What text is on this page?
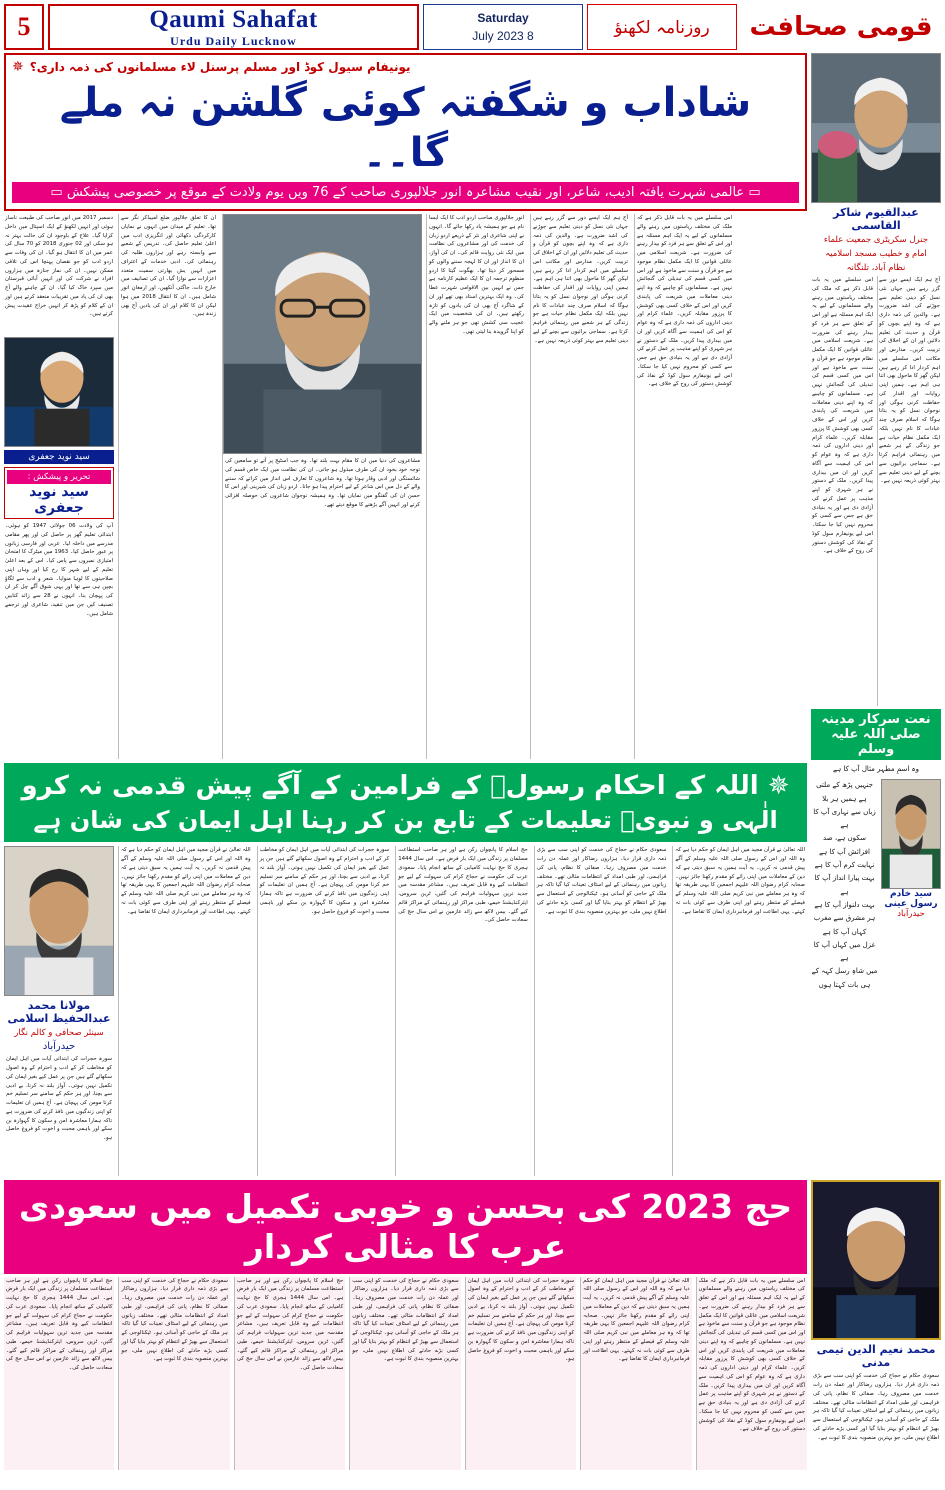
5	Qaumi Sahafat
Urdu Daily Lucknow
Saturday
8 July 2023	روزنامہ لکھنؤ	قومی صحافت
✵ یونیفام سیول کوڈ اور مسلم پرسنل لاء مسلمانوں کی ذمہ داری؟
شاداب و شگفتہ کوئی گلشن نہ ملے گا۔۔
▭ عالمی شہرت یافتہ ادیب، شاعر، اور نقیب مشاعرہ انور جلالپوری صاحب کے 76 ویں یوم ولادت کے موقع پر خصوصی پیشکش ▭
دسمبر 2017 میں انور صاحب کی طبیعت ناساز ہوئی اور انہیں لکھنؤ کے ایک اسپتال میں داخل کرایا گیا۔ علاج کے باوجود ان کی حالت بہتر نہ ہو سکی اور 02 جنوری 2018 کو 70 سال کی عمر میں ان کا انتقال ہو گیا۔ ان کی وفات سے اردو ادب کو جو نقصان پہنچا اس کی تلافی ممکن نہیں۔ ان کی نماز جنازہ میں ہزاروں افراد نے شرکت کی اور انہیں آبائی قبرستان میں سپرد خاک کیا گیا۔ ان کے چاہنے والے آج بھی ان کی یاد میں تقریبات منعقد کرتے ہیں اور ان کے کلام کو پڑھ کر انہیں خراج عقیدت پیش کرتے ہیں۔
سید نوید جعفری
تحریر و پیشکش :
سید نوید جعفری
آپ کی ولادت 06 جولائی 1947 کو ہوئی۔ ابتدائی تعلیم گھر پر حاصل کی اور پھر مقامی مدرسے میں داخلہ لیا۔ عربی اور فارسی زبانوں پر عبور حاصل کیا۔ 1963 میں میٹرک کا امتحان امتیازی نمبروں سے پاس کیا۔ اس کے بعد اعلیٰ تعلیم کے لیے شہر کا رخ کیا اور وہاں اپنی صلاحیتوں کا لوہا منوایا۔ شعر و ادب سے لگاؤ بچپن ہی سے تھا اور یہی شوق آگے چل کر ان کی پہچان بنا۔ انہوں نے 28 سے زائد کتابیں تصنیف کیں جن میں تنقید، شاعری اور ترجمے شامل ہیں۔
ان کا تعلق جلالپور ضلع امبیڈکر نگر سے تھا۔ تعلیم کے میدان میں انہوں نے نمایاں کارکردگی دکھائی اور انگریزی ادب میں اعلیٰ تعلیم حاصل کی۔ تدریس کے شعبے سے وابستہ رہے اور ہزاروں طلبہ کی رہنمائی کی۔ ادبی خدمات کے اعتراف میں انہیں یش بھارتی سمیت متعدد اعزازات سے نوازا گیا۔ ان کی تصانیف میں خارجِ ذات، جاگتی آنکھیں، اور ارمغانِ انور شامل ہیں۔ ان کا انتقال 2018 میں ہوا لیکن ان کا کلام اور ان کی یادیں آج بھی زندہ ہیں۔
مشاعروں کی دنیا میں ان کا مقام بہت بلند تھا۔ وہ جب اسٹیج پر آتے تو سامعین کی توجہ خود بخود ان کی طرف مبذول ہو جاتی۔ ان کی نظامت میں ایک خاص قسم کی شائستگی اور ادبی وقار ہوتا تھا۔ وہ شاعروں کا تعارف اس انداز میں کراتے کہ سننے والے کے دل میں اس شاعر کے لیے احترام پیدا ہو جاتا۔ اردو زبان کی شیرینی اور اس کا حسن ان کی گفتگو میں نمایاں تھا۔ وہ ہمیشہ نوجوان شاعروں کی حوصلہ افزائی کرتے اور انہیں آگے بڑھنے کا موقع دیتے تھے۔
انور جلالپوری صاحب اردو ادب کا ایک ایسا نام ہے جو ہمیشہ یاد رکھا جائے گا۔ انہوں نے اپنی شاعری اور نثر کے ذریعے اردو زبان کی خدمت کی اور مشاعروں کی نظامت میں ایک نئی روایت قائم کی۔ ان کی آواز، ان کا انداز اور ان کا لہجہ سننے والوں کو مسحور کر دیتا تھا۔ بھگوت گیتا کا اردو منظوم ترجمہ ان کا ایک عظیم کارنامہ ہے جس نے انہیں بین الاقوامی شہرت عطا کی۔ وہ ایک بہترین استاد بھی تھے اور ان کے شاگرد آج بھی ان کی یادوں کو تازہ رکھتے ہیں۔ ان کی شخصیت میں ایک عجیب سی کشش تھی جو ہر ملنے والے کو اپنا گرویدہ بنا لیتی تھی۔
آج ہم ایک ایسے دور سے گزر رہے ہیں جہاں نئی نسل کو دینی تعلیم سے جوڑنے کی اشد ضرورت ہے۔ والدین کی ذمہ داری ہے کہ وہ اپنے بچوں کو قرآن و حدیث کی تعلیم دلائیں اور ان کے اخلاق کی تربیت کریں۔ مدارس اور مکاتب اس سلسلے میں اہم کردار ادا کر رہے ہیں لیکن گھر کا ماحول بھی اتنا ہی اہم ہے۔ ہمیں اپنی روایات اور اقدار کی حفاظت کرنی ہوگی اور نوجوان نسل کو یہ بتانا ہوگا کہ اسلام صرف چند عبادات کا نام نہیں بلکہ ایک مکمل نظام حیات ہے جو زندگی کے ہر شعبے میں رہنمائی فراہم کرتا ہے۔ سماجی برائیوں سے بچنے کے لیے دینی تعلیم سے بہتر کوئی ذریعہ نہیں ہے۔
اس سلسلے میں یہ بات قابل ذکر ہے کہ ملک کی مختلف ریاستوں میں رہنے والے مسلمانوں کے لیے یہ ایک اہم مسئلہ ہے اور اس کے تعلق سے ہر فرد کو بیدار رہنے کی ضرورت ہے۔ شریعت اسلامی میں عائلی قوانین کا ایک مکمل نظام موجود ہے جو قرآن و سنت سے ماخوذ ہے اور اس میں کسی قسم کی تبدیلی کی گنجائش نہیں ہے۔ مسلمانوں کو چاہیے کہ وہ اپنے دینی معاملات میں شریعت کی پابندی کریں اور اس کے خلاف کسی بھی کوشش کا پرزور مقابلہ کریں۔ علماء کرام اور دینی اداروں کی ذمہ داری ہے کہ وہ عوام کو اس کی اہمیت سے آگاہ کریں اور ان میں بیداری پیدا کریں۔ ملک کے دستور نے ہر شہری کو اپنے مذہب پر عمل کرنے کی آزادی دی ہے اور یہ بنیادی حق ہے جس سے کسی کو محروم نہیں کیا جا سکتا۔ اس لیے یونیفارم سول کوڈ کے نفاذ کی کوشش دستور کی روح کے خلاف ہے۔
✵ اللہ کے احکام رسولؐ کے فرامین کے آگے پیش قدمی نہ کرو
الٰہی و نبویؐ تعلیمات کے تابع بن کر رہنا اہل ایمان کی شان ہے
مولانا محمد عبدالحفیظ اسلامی
سینئر صحافی و کالم نگار
حیدرآباد
سورہ حجرات کی ابتدائی آیات میں اہل ایمان کو مخاطب کر کے ادب و احترام کے وہ اصول سکھائے گئے ہیں جن پر عمل کیے بغیر ایمان کی تکمیل نہیں ہوتی۔ آواز بلند نہ کرنا، بے ادبی سے بچنا، اور ہر حکم کے سامنے سر تسلیم خم کرنا مومن کی پہچان ہے۔ آج ہمیں ان تعلیمات کو اپنی زندگیوں میں نافذ کرنے کی ضرورت ہے تاکہ ہمارا معاشرہ امن و سکون کا گہوارہ بن سکے اور باہمی محبت و اخوت کو فروغ حاصل ہو۔
اللہ تعالیٰ نے قرآن مجید میں اہل ایمان کو حکم دیا ہے کہ وہ اللہ اور اس کے رسول صلی اللہ علیہ وسلم کے آگے پیش قدمی نہ کریں۔ یہ آیت ہمیں یہ سبق دیتی ہے کہ دین کے معاملات میں اپنی رائے کو مقدم رکھنا جائز نہیں۔ صحابہ کرام رضوان اللہ علیہم اجمعین کا یہی طریقہ تھا کہ وہ ہر معاملے میں نبی کریم صلی اللہ علیہ وسلم کے فیصلے کے منتظر رہتے اور اپنی طرف سے کوئی بات نہ کہتے۔ یہی اطاعت اور فرمانبرداری ایمان کا تقاضا ہے۔
سورہ حجرات کی ابتدائی آیات میں اہل ایمان کو مخاطب کر کے ادب و احترام کے وہ اصول سکھائے گئے ہیں جن پر عمل کیے بغیر ایمان کی تکمیل نہیں ہوتی۔ آواز بلند نہ کرنا، بے ادبی سے بچنا، اور ہر حکم کے سامنے سر تسلیم خم کرنا مومن کی پہچان ہے۔ آج ہمیں ان تعلیمات کو اپنی زندگیوں میں نافذ کرنے کی ضرورت ہے تاکہ ہمارا معاشرہ امن و سکون کا گہوارہ بن سکے اور باہمی محبت و اخوت کو فروغ حاصل ہو۔
حج اسلام کا پانچواں رکن ہے اور ہر صاحب استطاعت مسلمان پر زندگی میں ایک بار فرض ہے۔ اس سال 1444 ہجری کا حج نہایت کامیابی کے ساتھ انجام پایا۔ سعودی عرب کی حکومت نے حجاج کرام کی سہولت کے لیے جو انتظامات کیے وہ قابل تعریف ہیں۔ مشاعر مقدسہ میں جدید ترین سہولیات فراہم کی گئیں، ٹرین سروس، ایئرکنڈیشنڈ خیمے، طبی مراکز اور رہنمائی کے مراکز قائم کیے گئے۔ بیس لاکھ سے زائد عازمین نے اس سال حج کی سعادت حاصل کی۔
سعودی حکام نے حجاج کی خدمت کو اپنی سب سے بڑی ذمہ داری قرار دیا۔ ہزاروں رضاکار اور عملہ دن رات خدمت میں مصروف رہا۔ صفائی کا نظام، پانی کی فراہمی، اور طبی امداد کے انتظامات مثالی تھے۔ مختلف زبانوں میں رہنمائی کے لیے اسٹاف تعینات کیا گیا تاکہ ہر ملک کے حاجی کو آسانی ہو۔ ٹیکنالوجی کے استعمال سے بھیڑ کے انتظام کو بہتر بنایا گیا اور کسی بڑے حادثے کی اطلاع نہیں ملی، جو بہترین منصوبہ بندی کا ثبوت ہے۔
اللہ تعالیٰ نے قرآن مجید میں اہل ایمان کو حکم دیا ہے کہ وہ اللہ اور اس کے رسول صلی اللہ علیہ وسلم کے آگے پیش قدمی نہ کریں۔ یہ آیت ہمیں یہ سبق دیتی ہے کہ دین کے معاملات میں اپنی رائے کو مقدم رکھنا جائز نہیں۔ صحابہ کرام رضوان اللہ علیہم اجمعین کا یہی طریقہ تھا کہ وہ ہر معاملے میں نبی کریم صلی اللہ علیہ وسلم کے فیصلے کے منتظر رہتے اور اپنی طرف سے کوئی بات نہ کہتے۔ یہی اطاعت اور فرمانبرداری ایمان کا تقاضا ہے۔
عبدالقیوم شاکر القاسمی
جنرل سکریٹری جمعیت علماء
امام و خطیب مسجد اسلامیہ
نظام آباد، تلنگانہ
اس سلسلے میں یہ بات قابل ذکر ہے کہ ملک کی مختلف ریاستوں میں رہنے والے مسلمانوں کے لیے یہ ایک اہم مسئلہ ہے اور اس کے تعلق سے ہر فرد کو بیدار رہنے کی ضرورت ہے۔ شریعت اسلامی میں عائلی قوانین کا ایک مکمل نظام موجود ہے جو قرآن و سنت سے ماخوذ ہے اور اس میں کسی قسم کی تبدیلی کی گنجائش نہیں ہے۔ مسلمانوں کو چاہیے کہ وہ اپنے دینی معاملات میں شریعت کی پابندی کریں اور اس کے خلاف کسی بھی کوشش کا پرزور مقابلہ کریں۔ علماء کرام اور دینی اداروں کی ذمہ داری ہے کہ وہ عوام کو اس کی اہمیت سے آگاہ کریں اور ان میں بیداری پیدا کریں۔ ملک کے دستور نے ہر شہری کو اپنے مذہب پر عمل کرنے کی آزادی دی ہے اور یہ بنیادی حق ہے جس سے کسی کو محروم نہیں کیا جا سکتا۔ اس لیے یونیفارم سول کوڈ کے نفاذ کی کوشش دستور کی روح کے خلاف ہے۔
آج ہم ایک ایسے دور سے گزر رہے ہیں جہاں نئی نسل کو دینی تعلیم سے جوڑنے کی اشد ضرورت ہے۔ والدین کی ذمہ داری ہے کہ وہ اپنے بچوں کو قرآن و حدیث کی تعلیم دلائیں اور ان کے اخلاق کی تربیت کریں۔ مدارس اور مکاتب اس سلسلے میں اہم کردار ادا کر رہے ہیں لیکن گھر کا ماحول بھی اتنا ہی اہم ہے۔ ہمیں اپنی روایات اور اقدار کی حفاظت کرنی ہوگی اور نوجوان نسل کو یہ بتانا ہوگا کہ اسلام صرف چند عبادات کا نام نہیں بلکہ ایک مکمل نظام حیات ہے جو زندگی کے ہر شعبے میں رہنمائی فراہم کرتا ہے۔ سماجی برائیوں سے بچنے کے لیے دینی تعلیم سے بہتر کوئی ذریعہ نہیں ہے۔
نعت سرکار مدینہ صلی اللہ علیہ وسلم
وہ اسمِ مطہر مثال آپ کا ہے
جنہیں پڑھ کے ملتی ہے ہمیں ہر بلا
زباں سے نہاری آپ کا ہے
سکوں ہے، صد افزائش آپ کا ہے
نہایت کرم آپ کا ہے
بہت پیارا انداز آپ کا ہے
بہت دلنواز آپ کا ہے
ہر مشرق سے مغرب کہاں آپ کا ہے
غزل میں کہاں آپ کا ہے
میں شاہِ رسل کہہ کے ہی بات کہتا ہوں
سید خادم رسول عینی
حیدرآباد
حج 2023 کی بحسن و خوبی تکمیل میں سعودی عرب کا مثالی کردار
حج اسلام کا پانچواں رکن ہے اور ہر صاحب استطاعت مسلمان پر زندگی میں ایک بار فرض ہے۔ اس سال 1444 ہجری کا حج نہایت کامیابی کے ساتھ انجام پایا۔ سعودی عرب کی حکومت نے حجاج کرام کی سہولت کے لیے جو انتظامات کیے وہ قابل تعریف ہیں۔ مشاعر مقدسہ میں جدید ترین سہولیات فراہم کی گئیں، ٹرین سروس، ایئرکنڈیشنڈ خیمے، طبی مراکز اور رہنمائی کے مراکز قائم کیے گئے۔ بیس لاکھ سے زائد عازمین نے اس سال حج کی سعادت حاصل کی۔
سعودی حکام نے حجاج کی خدمت کو اپنی سب سے بڑی ذمہ داری قرار دیا۔ ہزاروں رضاکار اور عملہ دن رات خدمت میں مصروف رہا۔ صفائی کا نظام، پانی کی فراہمی، اور طبی امداد کے انتظامات مثالی تھے۔ مختلف زبانوں میں رہنمائی کے لیے اسٹاف تعینات کیا گیا تاکہ ہر ملک کے حاجی کو آسانی ہو۔ ٹیکنالوجی کے استعمال سے بھیڑ کے انتظام کو بہتر بنایا گیا اور کسی بڑے حادثے کی اطلاع نہیں ملی، جو بہترین منصوبہ بندی کا ثبوت ہے۔
حج اسلام کا پانچواں رکن ہے اور ہر صاحب استطاعت مسلمان پر زندگی میں ایک بار فرض ہے۔ اس سال 1444 ہجری کا حج نہایت کامیابی کے ساتھ انجام پایا۔ سعودی عرب کی حکومت نے حجاج کرام کی سہولت کے لیے جو انتظامات کیے وہ قابل تعریف ہیں۔ مشاعر مقدسہ میں جدید ترین سہولیات فراہم کی گئیں، ٹرین سروس، ایئرکنڈیشنڈ خیمے، طبی مراکز اور رہنمائی کے مراکز قائم کیے گئے۔ بیس لاکھ سے زائد عازمین نے اس سال حج کی سعادت حاصل کی۔
سعودی حکام نے حجاج کی خدمت کو اپنی سب سے بڑی ذمہ داری قرار دیا۔ ہزاروں رضاکار اور عملہ دن رات خدمت میں مصروف رہا۔ صفائی کا نظام، پانی کی فراہمی، اور طبی امداد کے انتظامات مثالی تھے۔ مختلف زبانوں میں رہنمائی کے لیے اسٹاف تعینات کیا گیا تاکہ ہر ملک کے حاجی کو آسانی ہو۔ ٹیکنالوجی کے استعمال سے بھیڑ کے انتظام کو بہتر بنایا گیا اور کسی بڑے حادثے کی اطلاع نہیں ملی، جو بہترین منصوبہ بندی کا ثبوت ہے۔
سورہ حجرات کی ابتدائی آیات میں اہل ایمان کو مخاطب کر کے ادب و احترام کے وہ اصول سکھائے گئے ہیں جن پر عمل کیے بغیر ایمان کی تکمیل نہیں ہوتی۔ آواز بلند نہ کرنا، بے ادبی سے بچنا، اور ہر حکم کے سامنے سر تسلیم خم کرنا مومن کی پہچان ہے۔ آج ہمیں ان تعلیمات کو اپنی زندگیوں میں نافذ کرنے کی ضرورت ہے تاکہ ہمارا معاشرہ امن و سکون کا گہوارہ بن سکے اور باہمی محبت و اخوت کو فروغ حاصل ہو۔
اللہ تعالیٰ نے قرآن مجید میں اہل ایمان کو حکم دیا ہے کہ وہ اللہ اور اس کے رسول صلی اللہ علیہ وسلم کے آگے پیش قدمی نہ کریں۔ یہ آیت ہمیں یہ سبق دیتی ہے کہ دین کے معاملات میں اپنی رائے کو مقدم رکھنا جائز نہیں۔ صحابہ کرام رضوان اللہ علیہم اجمعین کا یہی طریقہ تھا کہ وہ ہر معاملے میں نبی کریم صلی اللہ علیہ وسلم کے فیصلے کے منتظر رہتے اور اپنی طرف سے کوئی بات نہ کہتے۔ یہی اطاعت اور فرمانبرداری ایمان کا تقاضا ہے۔
اس سلسلے میں یہ بات قابل ذکر ہے کہ ملک کی مختلف ریاستوں میں رہنے والے مسلمانوں کے لیے یہ ایک اہم مسئلہ ہے اور اس کے تعلق سے ہر فرد کو بیدار رہنے کی ضرورت ہے۔ شریعت اسلامی میں عائلی قوانین کا ایک مکمل نظام موجود ہے جو قرآن و سنت سے ماخوذ ہے اور اس میں کسی قسم کی تبدیلی کی گنجائش نہیں ہے۔ مسلمانوں کو چاہیے کہ وہ اپنے دینی معاملات میں شریعت کی پابندی کریں اور اس کے خلاف کسی بھی کوشش کا پرزور مقابلہ کریں۔ علماء کرام اور دینی اداروں کی ذمہ داری ہے کہ وہ عوام کو اس کی اہمیت سے آگاہ کریں اور ان میں بیداری پیدا کریں۔ ملک کے دستور نے ہر شہری کو اپنے مذہب پر عمل کرنے کی آزادی دی ہے اور یہ بنیادی حق ہے جس سے کسی کو محروم نہیں کیا جا سکتا۔ اس لیے یونیفارم سول کوڈ کے نفاذ کی کوشش دستور کی روح کے خلاف ہے۔
محمد نعیم الدین تیمی مدنی
سعودی حکام نے حجاج کی خدمت کو اپنی سب سے بڑی ذمہ داری قرار دیا۔ ہزاروں رضاکار اور عملہ دن رات خدمت میں مصروف رہا۔ صفائی کا نظام، پانی کی فراہمی، اور طبی امداد کے انتظامات مثالی تھے۔ مختلف زبانوں میں رہنمائی کے لیے اسٹاف تعینات کیا گیا تاکہ ہر ملک کے حاجی کو آسانی ہو۔ ٹیکنالوجی کے استعمال سے بھیڑ کے انتظام کو بہتر بنایا گیا اور کسی بڑے حادثے کی اطلاع نہیں ملی، جو بہترین منصوبہ بندی کا ثبوت ہے۔
